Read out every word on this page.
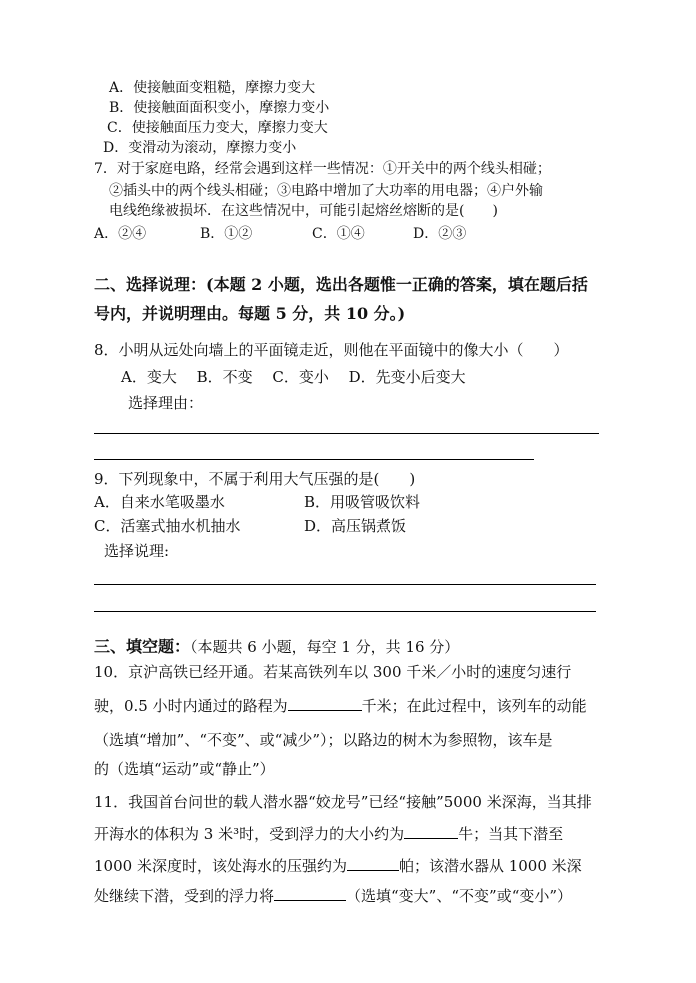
A．使接触面变粗糙，摩擦力变大
B．使接触面面积变小，摩擦力变小
C．使接触面压力变大，摩擦力变大
D．变滑动为滚动，摩擦力变小
7．对于家庭电路，经常会遇到这样一些情况：①开关中的两个线头相碰；
②插头中的两个线头相碰；③电路中增加了大功率的用电器；④户外输
电线绝缘被损坏．在这些情况中，可能引起熔丝熔断的是(　　)
A．②④	B．①②	C．①④	D．②③
二、选择说理：(本题 2 小题，选出各题惟一正确的答案，填在题后括
号内，并说明理由。每题 5 分，共 10 分。)
8．小明从远处向墙上的平面镜走近，则他在平面镜中的像大小（　　）
A．变大　 B．不变　 C．变小　 D．先变小后变大
选择理由：
9．下列现象中，不属于利用大气压强的是(　　)
A．自来水笔吸墨水	B．用吸管吸饮料
C．活塞式抽水机抽水	D．高压锅煮饭
选择说理:
三、填空题：（本题共 6 小题，每空 1 分，共 16 分）
10．京沪高铁已经开通。若某高铁列车以 300 千米／小时的速度匀速行
驶，0.5 小时内通过的路程为	千米；在此过程中，该列车的动能
（选填“增加”、“不变”、或“减少”）；以路边的树木为参照物，该车是
的（选填“运动”或“静止”）
11．我国首台问世的载人潜水器“姣龙号”已经“接触”5000 米深海，当其排
开海水的体积为 3 米³时，受到浮力的大小约为	牛；当其下潜至
1000 米深度时，该处海水的压强约为	帕；该潜水器从 1000 米深
处继续下潜，受到的浮力将	（选填“变大”、“不变”或“变小”）
